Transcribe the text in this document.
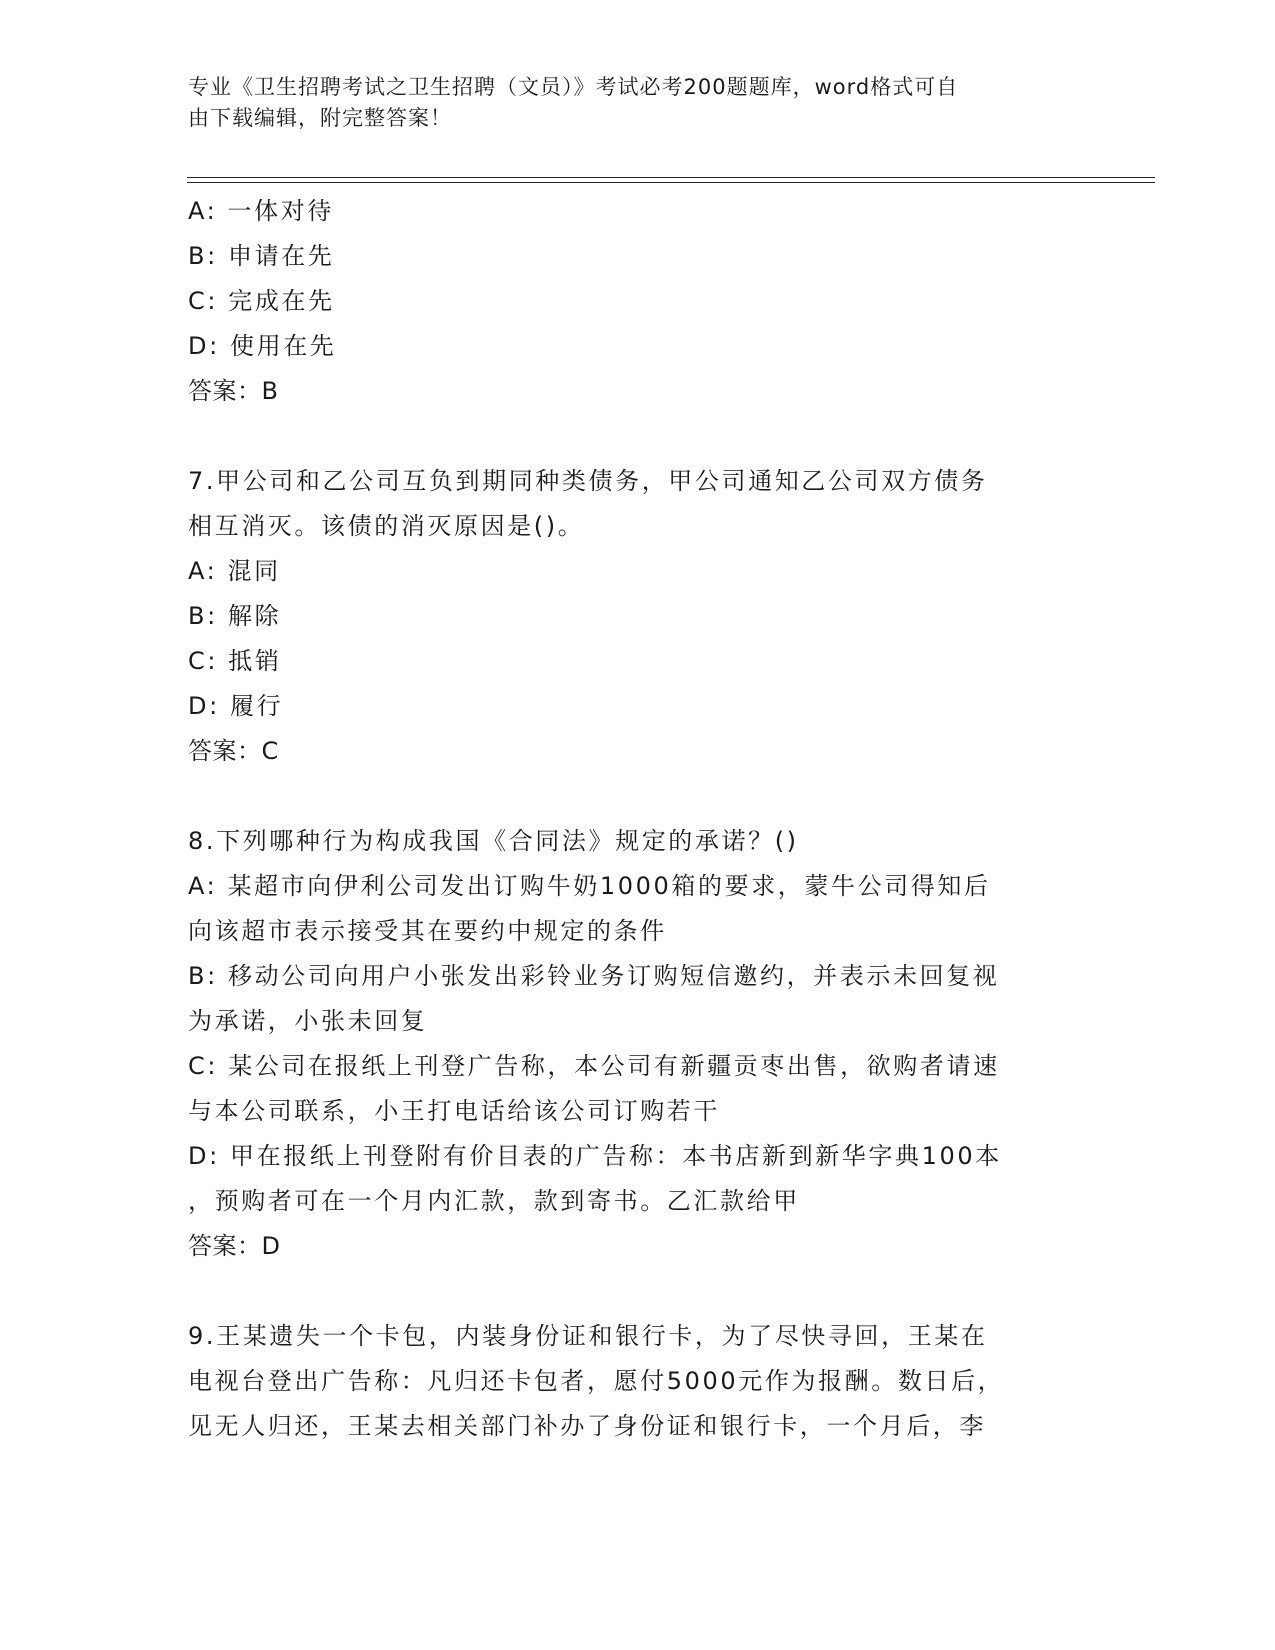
专业《卫生招聘考试之卫生招聘（文员）》考试必考200题题库，word格式可自
由下载编辑，附完整答案！
A: 一体对待
B: 申请在先
C: 完成在先
D: 使用在先
答案：B
7.甲公司和乙公司互负到期同种类债务，甲公司通知乙公司双方债务
相互消灭。该债的消灭原因是()。
A: 混同
B: 解除
C: 抵销
D: 履行
答案：C
8.下列哪种行为构成我国《合同法》规定的承诺？()
A: 某超市向伊利公司发出订购牛奶1000箱的要求，蒙牛公司得知后
向该超市表示接受其在要约中规定的条件
B: 移动公司向用户小张发出彩铃业务订购短信邀约，并表示未回复视
为承诺，小张未回复
C: 某公司在报纸上刊登广告称，本公司有新疆贡枣出售，欲购者请速
与本公司联系，小王打电话给该公司订购若干
D: 甲在报纸上刊登附有价目表的广告称：本书店新到新华字典100本
，预购者可在一个月内汇款，款到寄书。乙汇款给甲
答案：D
9.王某遗失一个卡包，内装身份证和银行卡，为了尽快寻回，王某在
电视台登出广告称：凡归还卡包者，愿付5000元作为报酬。数日后，
见无人归还，王某去相关部门补办了身份证和银行卡，一个月后，李
